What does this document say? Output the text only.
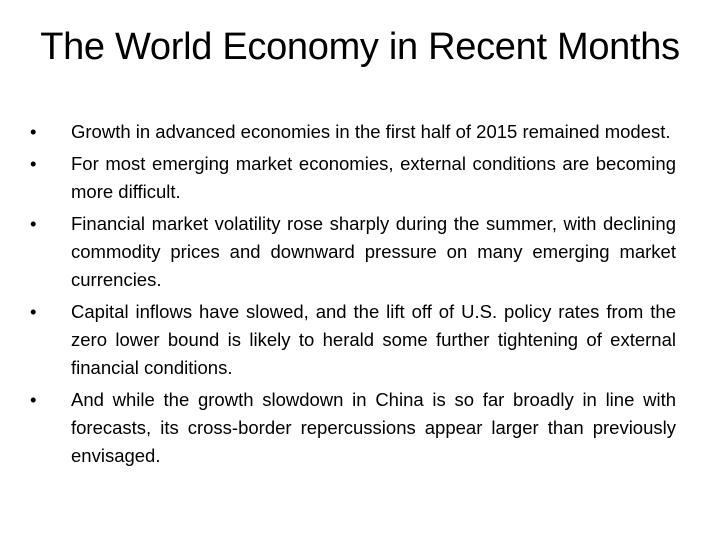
The World Economy in Recent Months
•	Growth in advanced economies in the first half of 2015 remained modest.
•	For most emerging market economies, external conditions are becoming more difficult.
•	Financial market volatility rose sharply during the summer, with declining commodity prices and downward pressure on many emerging market currencies.
•	Capital inflows have slowed, and the lift off of U.S. policy rates from the zero lower bound is likely to herald some further tightening of external financial conditions.
•	And while the growth slowdown in China is so far broadly in line with forecasts, its cross-border repercussions appear larger than previously envisaged.
